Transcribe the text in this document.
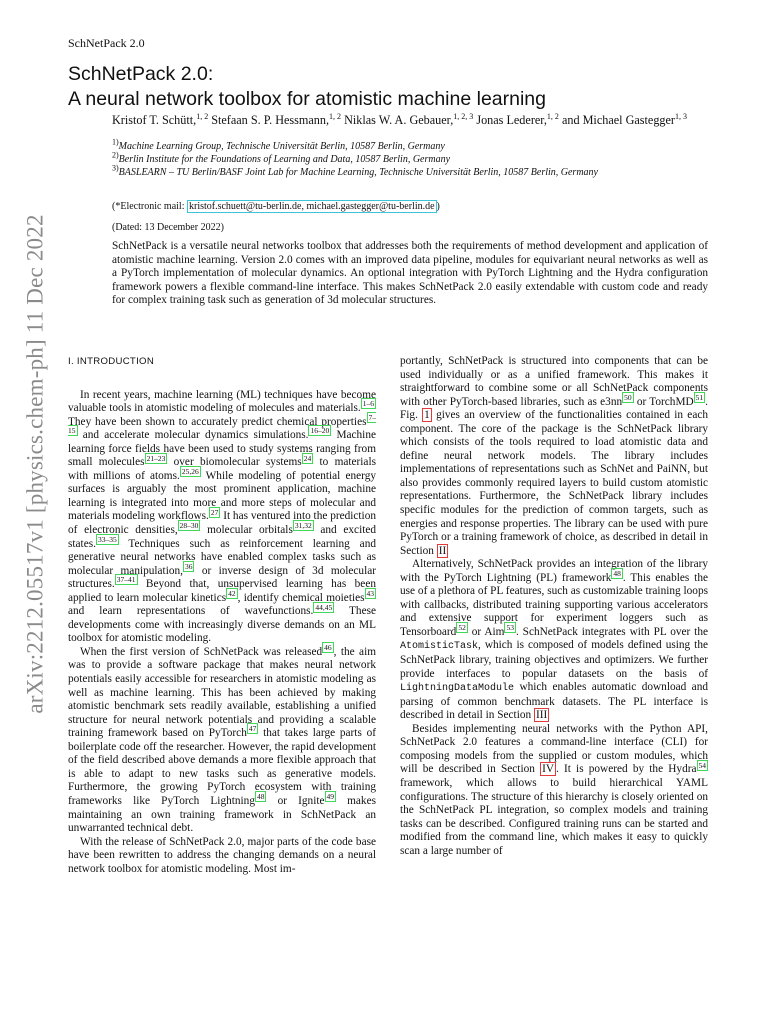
SchNetPack 2.0
arXiv:2212.05517v1 [physics.chem-ph] 11 Dec 2022
SchNetPack 2.0:
A neural network toolbox for atomistic machine learning
Kristof T. Schütt,$^{1, 2}$ Stefaan S. P. Hessmann,$^{1, 2}$ Niklas W. A. Gebauer,$^{1, 2, 3}$ Jonas Lederer,$^{1, 2}$ and Michael Gastegger$^{1, 3}$
$^{1)}$Machine Learning Group, Technische Universität Berlin, 10587 Berlin, Germany
$^{2)}$Berlin Institute for the Foundations of Learning and Data, 10587 Berlin, Germany
$^{3)}$BASLEARN – TU Berlin/BASF Joint Lab for Machine Learning, Technische Universität Berlin, 10587 Berlin, Germany
(*Electronic mail: kristof.schuett@tu-berlin.de, michael.gastegger@tu-berlin.de )
(Dated: 13 December 2022)
SchNetPack is a versatile neural networks toolbox that addresses both the requirements of method development and application of atomistic machine learning. Version 2.0 comes with an improved data pipeline, modules for equivariant neural networks as well as a PyTorch implementation of molecular dynamics. An optional integration with PyTorch Lightning and the Hydra configuration framework powers a flexible command-line interface. This makes SchNetPack 2.0 easily extendable with custom code and ready for complex training task such as generation of 3d molecular structures.
I. INTRODUCTION

In recent years, machine learning (ML) techniques have become valuable tools in atomistic modeling of molecules and materials. $^{1-6}$ They have been shown to accurately predict chemical properties $^{7-15}$ and accelerate molecular dynamics simulations. $^{16-20}$ Machine learning force fields have been used to study systems ranging from small molecules $^{21-23}$ over biomolecular systems $^{24}$ to materials with millions of atoms. $^{25,26}$ While modeling of potential energy surfaces is arguably the most prominent application, machine learning is integrated into more and more steps of molecular and materials modeling workflows. $^{27}$ It has ventured into the prediction of electronic densities, $^{28-30}$ molecular orbitals $^{31,32}$ and excited states. $^{33-35}$ Techniques such as reinforcement learning and generative neural networks have enabled complex tasks such as molecular manipulation, $^{36}$ or inverse design of 3d molecular structures. $^{37-41}$ Beyond that, unsupervised learning has been applied to learn molecular kinetics $^{42}$ , identify chemical moieties $^{43}$ and learn representations of wavefunctions. $^{44,45}$ These developments come with increasingly diverse demands on an ML toolbox for atomistic modeling.

When the first version of SchNetPack was released $^{46}$ , the aim was to provide a software package that makes neural network potentials easily accessible for researchers in atomistic modeling as well as machine learning. This has been achieved by making atomistic benchmark sets readily available, establishing a unified structure for neural network potentials and providing a scalable training framework based on PyTorch $^{47}$ that takes large parts of boilerplate code off the researcher. However, the rapid development of the field described above demands a more flexible approach that is able to adapt to new tasks such as generative models. Furthermore, the growing PyTorch ecosystem with training frameworks like PyTorch Lightning $^{48}$ or Ignite $^{49}$ makes maintaining an own training framework in SchNetPack an unwarranted technical debt.

With the release of SchNetPack 2.0, major parts of the code base have been rewritten to address the changing demands on a neural network toolbox for atomistic modeling. Most im-

portantly, SchNetPack is structured into components that can be used individually or as a unified framework. This makes it straightforward to combine some or all SchNetPack components with other PyTorch-based libraries, such as e3nn $^{50}$ or TorchMD $^{51}$ . Fig. 1 gives an overview of the functionalities contained in each component. The core of the package is the SchNetPack library which consists of the tools required to load atomistic data and define neural network models. The library includes implementations of representations such as SchNet and PaiNN, but also provides commonly required layers to build custom atomistic representations. Furthermore, the SchNetPack library includes specific modules for the prediction of common targets, such as energies and response properties. The library can be used with pure PyTorch or a training framework of choice, as described in detail in Section II

Alternatively, SchNetPack provides an integration of the library with the PyTorch Lightning (PL) framework $^{48}$ . This enables the use of a plethora of PL features, such as customizable training loops with callbacks, distributed training supporting various accelerators and extensive support for experiment loggers such as Tensorboard $^{52}$ or Aim $^{53}$ . SchNetPack integrates with PL over the AtomisticTask, which is composed of models defined using the SchNetPack library, training objectives and optimizers. We further provide interfaces to popular datasets on the basis of LightningDataModule which enables automatic download and parsing of common benchmark datasets. The PL interface is described in detail in Section III

Besides implementing neural networks with the Python API, SchNetPack 2.0 features a command-line interface (CLI) for composing models from the supplied or custom modules, which will be described in Section IV . It is powered by the Hydra $^{54}$ framework, which allows to build hierarchical YAML configurations. The structure of this hierarchy is closely oriented on the SchNetPack PL integration, so complex models and training tasks can be described. Configured training runs can be started and modified from the command line, which makes it easy to quickly scan a large number of
